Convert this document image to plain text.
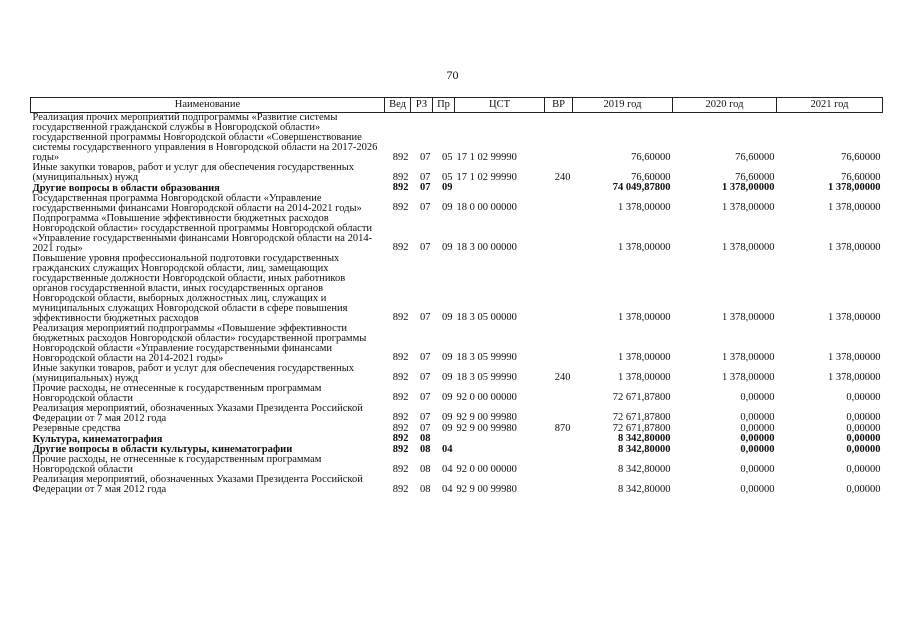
70
Наименование	Вед	РЗ	Пр	ЦСТ	ВР	2019 год	2020 год	2021 год
Реализация прочих мероприятий подпрограммы «Развитие системы государственной гражданской службы в Новгородской области» государственной программы Новгородской области «Совершенствование системы государственного управления в Новгородской области на 2017-2026 годы»	892	07	05	17 1 02 99990		76,60000	76,60000	76,60000
Иные закупки товаров, работ и услуг для обеспечения государственных (муниципальных) нужд	892	07	05	17 1 02 99990	240	76,60000	76,60000	76,60000
Другие вопросы в области образования	892	07	09			74 049,87800	1 378,00000	1 378,00000
Государственная программа Новгородской области «Управление государственными финансами Новгородской области на 2014-2021 годы»	892	07	09	18 0 00 00000		1 378,00000	1 378,00000	1 378,00000
Подпрограмма «Повышение эффективности бюджетных расходов Новгородской области» государственной программы Новгородской области «Управление государственными финансами Новгородской области на 2014-2021 годы»	892	07	09	18 3 00 00000		1 378,00000	1 378,00000	1 378,00000
Повышение уровня профессиональной подготовки государственных гражданских служащих Новгородской области, лиц, замещающих государственные должности Новгородской области, иных работников органов государственной власти, иных государственных органов Новгородской области, выборных должностных лиц, служащих и муниципальных служащих Новгородской области в сфере повышения эффективности бюджетных расходов	892	07	09	18 3 05 00000		1 378,00000	1 378,00000	1 378,00000
Реализация мероприятий подпрограммы «Повышение эффективности бюджетных расходов Новгородской области» государственной программы Новгородской области «Управление государственными финансами Новгородской области на 2014-2021 годы»	892	07	09	18 3 05 99990		1 378,00000	1 378,00000	1 378,00000
Иные закупки товаров, работ и услуг для обеспечения государственных (муниципальных) нужд	892	07	09	18 3 05 99990	240	1 378,00000	1 378,00000	1 378,00000
Прочие расходы, не отнесенные к государственным программам Новгородской области	892	07	09	92 0 00 00000		72 671,87800	0,00000	0,00000
Реализация мероприятий, обозначенных Указами Президента Российской Федерации от 7 мая 2012 года	892	07	09	92 9 00 99980		72 671,87800	0,00000	0,00000
Резервные средства	892	07	09	92 9 00 99980	870	72 671,87800	0,00000	0,00000
Культура, кинематография	892	08				8 342,80000	0,00000	0,00000
Другие вопросы в области культуры, кинематографии	892	08	04			8 342,80000	0,00000	0,00000
Прочие расходы, не отнесенные к государственным программам Новгородской области	892	08	04	92 0 00 00000		8 342,80000	0,00000	0,00000
Реализация мероприятий, обозначенных Указами Президента Российской Федерации от 7 мая 2012 года	892	08	04	92 9 00 99980		8 342,80000	0,00000	0,00000
